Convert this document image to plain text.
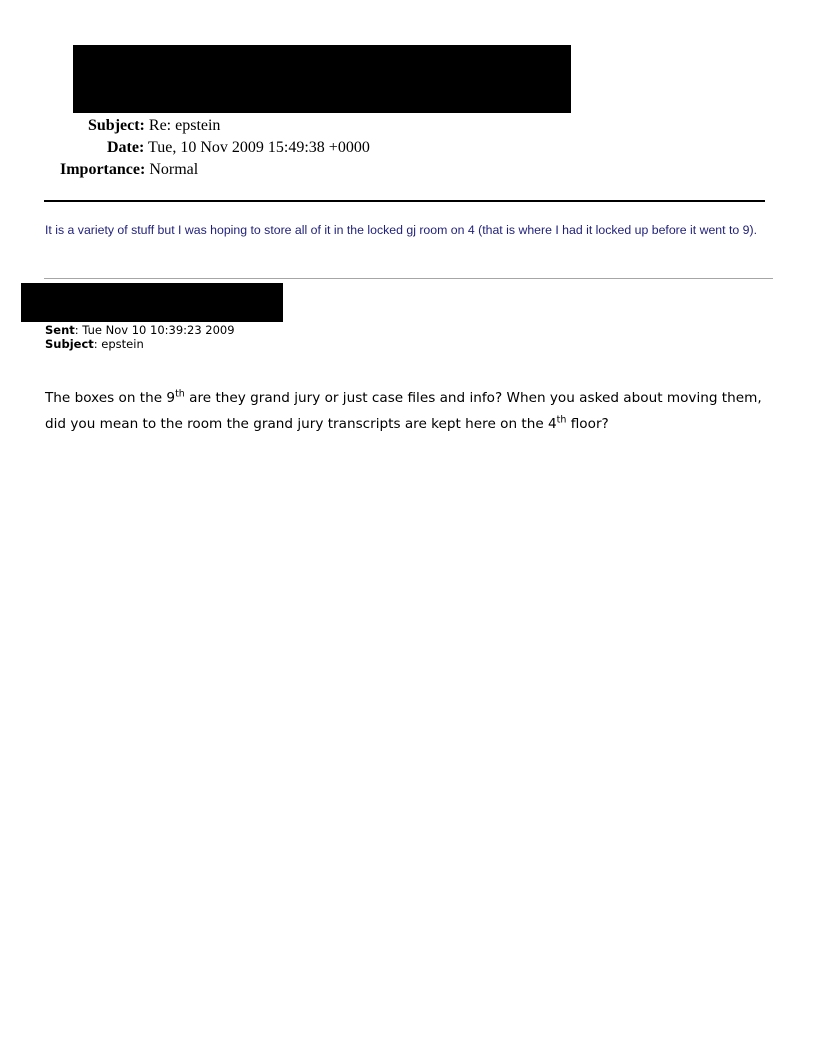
Subject: Re: epstein
Date: Tue, 10 Nov 2009 15:49:38 +0000
Importance: Normal
It is a variety of stuff but I was hoping to store all of it in the locked gj room on 4 (that is where I had it locked up before it went to 9).
Sent: Tue Nov 10 10:39:23 2009
Subject: epstein
The boxes on the 9th are they grand jury or just case files and info? When you asked about moving them, did you mean to the room the grand jury transcripts are kept here on the 4th floor?
